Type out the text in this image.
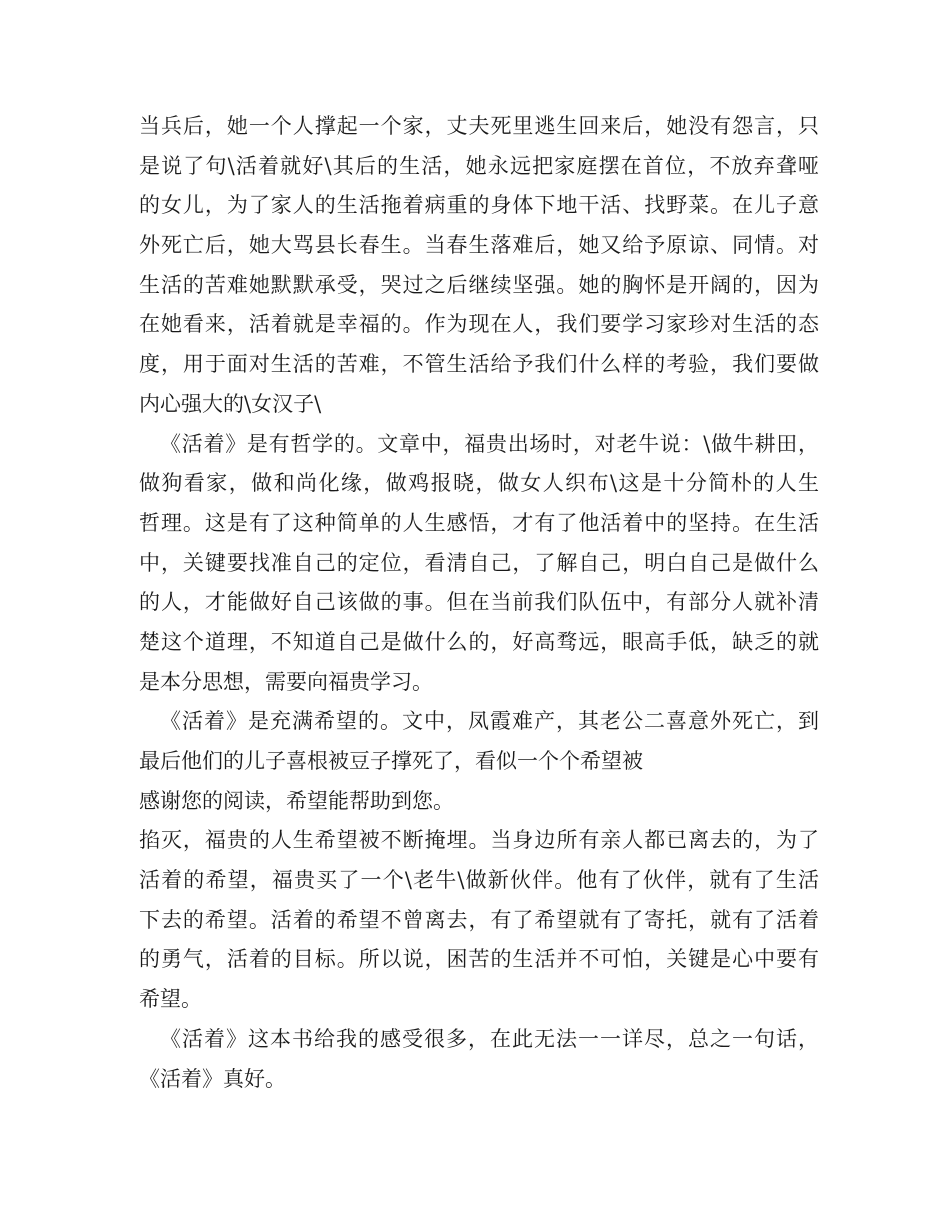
当兵后，她一个人撑起一个家，丈夫死里逃生回来后，她没有怨言，只
是说了句\活着就好\其后的生活，她永远把家庭摆在首位，不放弃聋哑
的女儿，为了家人的生活拖着病重的身体下地干活、找野菜。在儿子意
外死亡后，她大骂县长春生。当春生落难后，她又给予原谅、同情。对
生活的苦难她默默承受，哭过之后继续坚强。她的胸怀是开阔的，因为
在她看来，活着就是幸福的。作为现在人，我们要学习家珍对生活的态
度，用于面对生活的苦难，不管生活给予我们什么样的考验，我们要做
内心强大的\女汉子\
《活着》是有哲学的。文章中，福贵出场时，对老牛说：\做牛耕田，
做狗看家，做和尚化缘，做鸡报晓，做女人织布\这是十分简朴的人生
哲理。这是有了这种简单的人生感悟，才有了他活着中的坚持。在生活
中，关键要找准自己的定位，看清自己，了解自己，明白自己是做什么
的人，才能做好自己该做的事。但在当前我们队伍中，有部分人就补清
楚这个道理，不知道自己是做什么的，好高骛远，眼高手低，缺乏的就
是本分思想，需要向福贵学习。
《活着》是充满希望的。文中，凤霞难产，其老公二喜意外死亡，到
最后他们的儿子喜根被豆子撑死了，看似一个个希望被
感谢您的阅读，希望能帮助到您。
掐灭，福贵的人生希望被不断掩埋。当身边所有亲人都已离去的，为了
活着的希望，福贵买了一个\老牛\做新伙伴。他有了伙伴，就有了生活
下去的希望。活着的希望不曾离去，有了希望就有了寄托，就有了活着
的勇气，活着的目标。所以说，困苦的生活并不可怕，关键是心中要有
希望。
《活着》这本书给我的感受很多，在此无法一一详尽，总之一句话，
《活着》真好。
